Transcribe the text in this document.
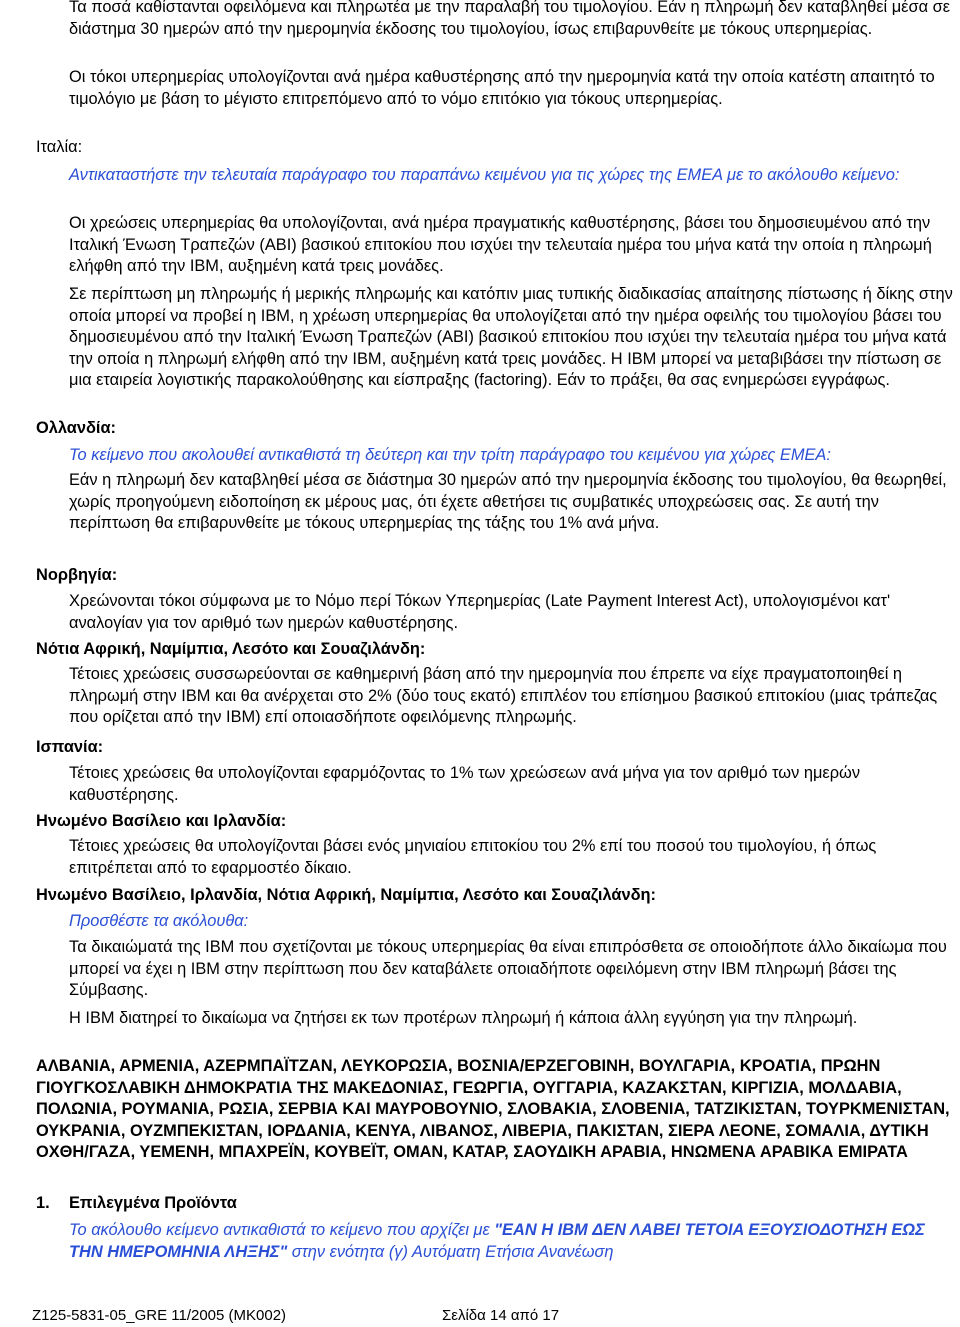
Τα ποσά καθίστανται οφειλόμενα και πληρωτέα με την παραλαβή του τιμολογίου. Εάν η πληρωμή δεν καταβληθεί μέσα σε διάστημα 30 ημερών από την ημερομηνία έκδοσης του τιμολογίου, ίσως επιβαρυνθείτε με τόκους υπερημερίας.

Οι τόκοι υπερημερίας υπολογίζονται ανά ημέρα καθυστέρησης από την ημερομηνία κατά την οποία κατέστη απαιτητό το τιμολόγιο με βάση το μέγιστο επιτρεπόμενο από το νόμο επιτόκιο για τόκους υπερημερίας.

Ιταλία:

Αντικαταστήστε την τελευταία παράγραφο του παραπάνω κειμένου για τις χώρες της EMEA με το ακόλουθο κείμενο:

Οι χρεώσεις υπερημερίας θα υπολογίζονται, ανά ημέρα πραγματικής καθυστέρησης, βάσει του δημοσιευμένου από την Ιταλική Ένωση Τραπεζών (ABI) βασικού επιτοκίου που ισχύει την τελευταία ημέρα του μήνα κατά την οποία η πληρωμή ελήφθη από την IBM, αυξημένη κατά τρεις μονάδες.

Σε περίπτωση μη πληρωμής ή μερικής πληρωμής και κατόπιν μιας τυπικής διαδικασίας απαίτησης πίστωσης ή δίκης στην οποία μπορεί να προβεί η IBM, η χρέωση υπερημερίας θα υπολογίζεται από την ημέρα οφειλής του τιμολογίου βάσει του δημοσιευμένου από την Ιταλική Ένωση Τραπεζών (ABI) βασικού επιτοκίου που ισχύει την τελευταία ημέρα του μήνα κατά την οποία η πληρωμή ελήφθη από την IBM, αυξημένη κατά τρεις μονάδες. Η IBM μπορεί να μεταβιβάσει την πίστωση σε μια εταιρεία λογιστικής παρακολούθησης και είσπραξης (factoring). Εάν το πράξει, θα σας ενημερώσει εγγράφως.

Ολλανδία:

Το κείμενο που ακολουθεί αντικαθιστά τη δεύτερη και την τρίτη παράγραφο του κειμένου για χώρες EMEA:

Εάν η πληρωμή δεν καταβληθεί μέσα σε διάστημα 30 ημερών από την ημερομηνία έκδοσης του τιμολογίου, θα θεωρηθεί, χωρίς προηγούμενη ειδοποίηση εκ μέρους μας, ότι έχετε αθετήσει τις συμβατικές υποχρεώσεις σας. Σε αυτή την περίπτωση θα επιβαρυνθείτε με τόκους υπερημερίας της τάξης του 1% ανά μήνα.

Νορβηγία:

Χρεώνονται τόκοι σύμφωνα με το Νόμο περί Τόκων Υπερημερίας (Late Payment Interest Act), υπολογισμένοι κατ' αναλογίαν για τον αριθμό των ημερών καθυστέρησης.

Νότια Αφρική, Ναμίμπια, Λεσότο και Σουαζιλάνδη:

Τέτοιες χρεώσεις συσσωρεύονται σε καθημερινή βάση από την ημερομηνία που έπρεπε να είχε πραγματοποιηθεί η πληρωμή στην IBM και θα ανέρχεται στο 2% (δύο τους εκατό) επιπλέον του επίσημου βασικού επιτοκίου (μιας τράπεζας που ορίζεται από την IBM) επί οποιασδήποτε οφειλόμενης πληρωμής.

Ισπανία:

Τέτοιες χρεώσεις θα υπολογίζονται εφαρμόζοντας το 1% των χρεώσεων ανά μήνα για τον αριθμό των ημερών καθυστέρησης.

Ηνωμένο Βασίλειο και Ιρλανδία:

Τέτοιες χρεώσεις θα υπολογίζονται βάσει ενός μηνιαίου επιτοκίου του 2% επί του ποσού του τιμολογίου, ή όπως επιτρέπεται από το εφαρμοστέο δίκαιο.

Ηνωμένο Βασίλειο, Ιρλανδία, Νότια Αφρική, Ναμίμπια, Λεσότο και Σουαζιλάνδη:

Προσθέστε τα ακόλουθα:

Τα δικαιώματά της IBM που σχετίζονται με τόκους υπερημερίας θα είναι επιπρόσθετα σε οποιοδήποτε άλλο δικαίωμα που μπορεί να έχει η IBM στην περίπτωση που δεν καταβάλετε οποιαδήποτε οφειλόμενη στην IBM πληρωμή βάσει της Σύμβασης.

Η IBM διατηρεί το δικαίωμα να ζητήσει εκ των προτέρων πληρωμή ή κάποια άλλη εγγύηση για την πληρωμή.

ΑΛΒΑΝΙΑ, ΑΡΜΕΝΙΑ, ΑΖΕΡΜΠΑΪΤΖΑΝ, ΛΕΥΚΟΡΩΣΙΑ, ΒΟΣΝΙΑ/ΕΡΖΕΓΟΒΙΝΗ, ΒΟΥΛΓΑΡΙΑ, ΚΡΟΑΤΙΑ, ΠΡΩΗΝ ΓΙΟΥΓΚΟΣΛΑΒΙΚΗ ΔΗΜΟΚΡΑΤΙΑ ΤΗΣ ΜΑΚΕΔΟΝΙΑΣ, ΓΕΩΡΓΙΑ, ΟΥΓΓΑΡΙΑ, ΚΑΖΑΚΣΤΑΝ, ΚΙΡΓΙΖΙΑ, ΜΟΛΔΑΒΙΑ, ΠΟΛΩΝΙΑ, ΡΟΥΜΑΝΙΑ, ΡΩΣΙΑ, ΣΕΡΒΙΑ ΚΑΙ ΜΑΥΡΟΒΟΥΝΙΟ, ΣΛΟΒΑΚΙΑ, ΣΛΟΒΕΝΙΑ, ΤΑΤΖΙΚΙΣΤΑΝ, ΤΟΥΡΚΜΕΝΙΣΤΑΝ, ΟΥΚΡΑΝΙΑ, ΟΥΖΜΠΕΚΙΣΤΑΝ, ΙΟΡΔΑΝΙΑ, ΚΕΝΥΑ, ΛΙΒΑΝΟΣ, ΛΙΒΕΡΙΑ, ΠΑΚΙΣΤΑΝ, ΣΙΕΡΑ ΛΕΟΝΕ, ΣΟΜΑΛΙΑ, ΔΥΤΙΚΗ ΟΧΘΗ/ΓΑΖΑ, ΥΕΜΕΝΗ, ΜΠΑΧΡΕΪΝ, ΚΟΥΒΕΪΤ, ΟΜΑΝ, ΚΑΤΑΡ, ΣΑΟΥΔΙΚΗ ΑΡΑΒΙΑ, ΗΝΩΜΕΝΑ ΑΡΑΒΙΚΑ ΕΜΙΡΑΤΑ

1. Επιλεγμένα Προϊόντα

Το ακόλουθο κείμενο αντικαθιστά το κείμενο που αρχίζει με "ΕΑΝ Η IBM ΔΕΝ ΛΑΒΕΙ ΤΕΤΟΙΑ ΕΞΟΥΣΙΟΔΟΤΗΣΗ ΕΩΣ ΤΗΝ ΗΜΕΡΟΜΗΝΙΑ ΛΗΞΗΣ" στην ενότητα (γ) Αυτόματη Ετήσια Ανανέωση

Z125-5831-05_GRE 11/2005 (MK002)	Σελίδα 14 από 17
